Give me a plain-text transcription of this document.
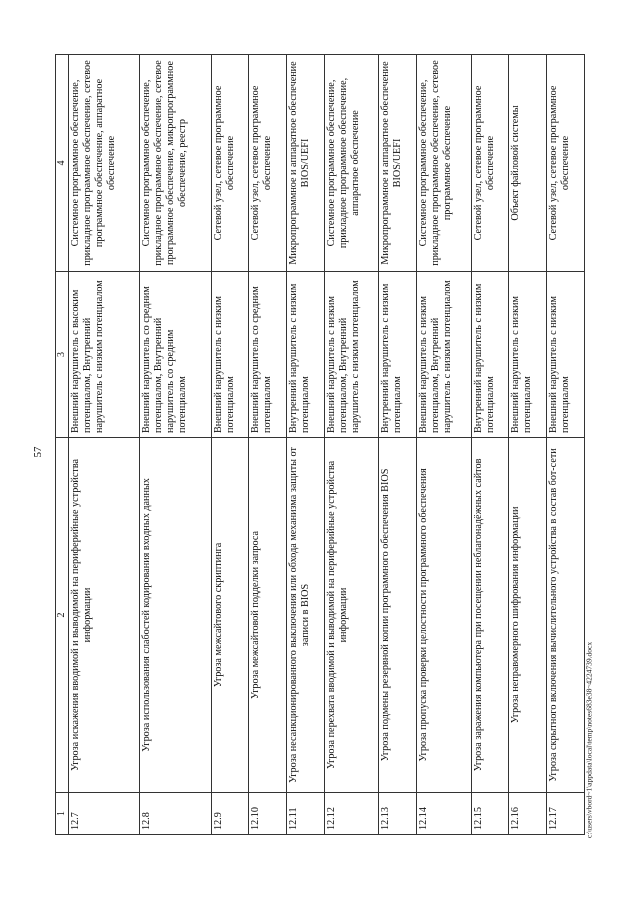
57
1	2	3	4
12.7	Угроза искажения вводимой и выводимой на периферийные устройства информации	Внешний нарушитель с высоким потенциалом, Внутренний нарушитель с низким потенциалом	Системное программное обеспечение, прикладное программное обеспечение, сетевое программное обеспечение, аппаратное обеспечение
12.8	Угроза использования слабостей кодирования входных данных	Внешний нарушитель со средним потенциалом, Внутренний нарушитель со средним потенциалом	Системное программное обеспечение, прикладное программное обеспечение, сетевое программное обеспечение, микропрограммное обеспечение, реестр
12.9	Угроза межсайтового скриптинга	Внешний нарушитель с низким потенциалом	Сетевой узел, сетевое программное обеспечение
12.10	Угроза межсайтовой подделки запроса	Внешний нарушитель со средним потенциалом	Сетевой узел, сетевое программное обеспечение
12.11	Угроза несанкционированного выключения или обхода механизма защиты от записи в BIOS	Внутренний нарушитель с низким потенциалом	Микропрограммное и аппаратное обеспечение BIOS/UEFI
12.12	Угроза перехвата вводимой и выводимой на периферийные устройства информации	Внешний нарушитель с низким потенциалом, Внутренний нарушитель с низким потенциалом	Системное программное обеспечение, прикладное программное обеспечение, аппаратное обеспечение
12.13	Угроза подмены резервной копии программного обеспечения BIOS	Внутренний нарушитель с низким потенциалом	Микропрограммное и аппаратное обеспечение BIOS/UEFI
12.14	Угроза пропуска проверки целостности программного обеспечения	Внешний нарушитель с низким потенциалом, Внутренний нарушитель с низким потенциалом	Системное программное обеспечение, прикладное программное обеспечение, сетевое программное обеспечение
12.15	Угроза заражения компьютера при посещении неблагонадёжных сайтов	Внутренний нарушитель с низким потенциалом	Сетевой узел, сетевое программное обеспечение
12.16	Угроза неправомерного шифрования информации	Внешний нарушитель с низким потенциалом	Объект файловой системы
12.17	Угроза скрытного включения вычислительного устройства в состав бот-сети	Внешний нарушитель с низким потенциалом	Сетевой узел, сетевое программное обеспечение
c:\users\vbord~1\appdata\local\temp\notes683e38~4224739.docx
